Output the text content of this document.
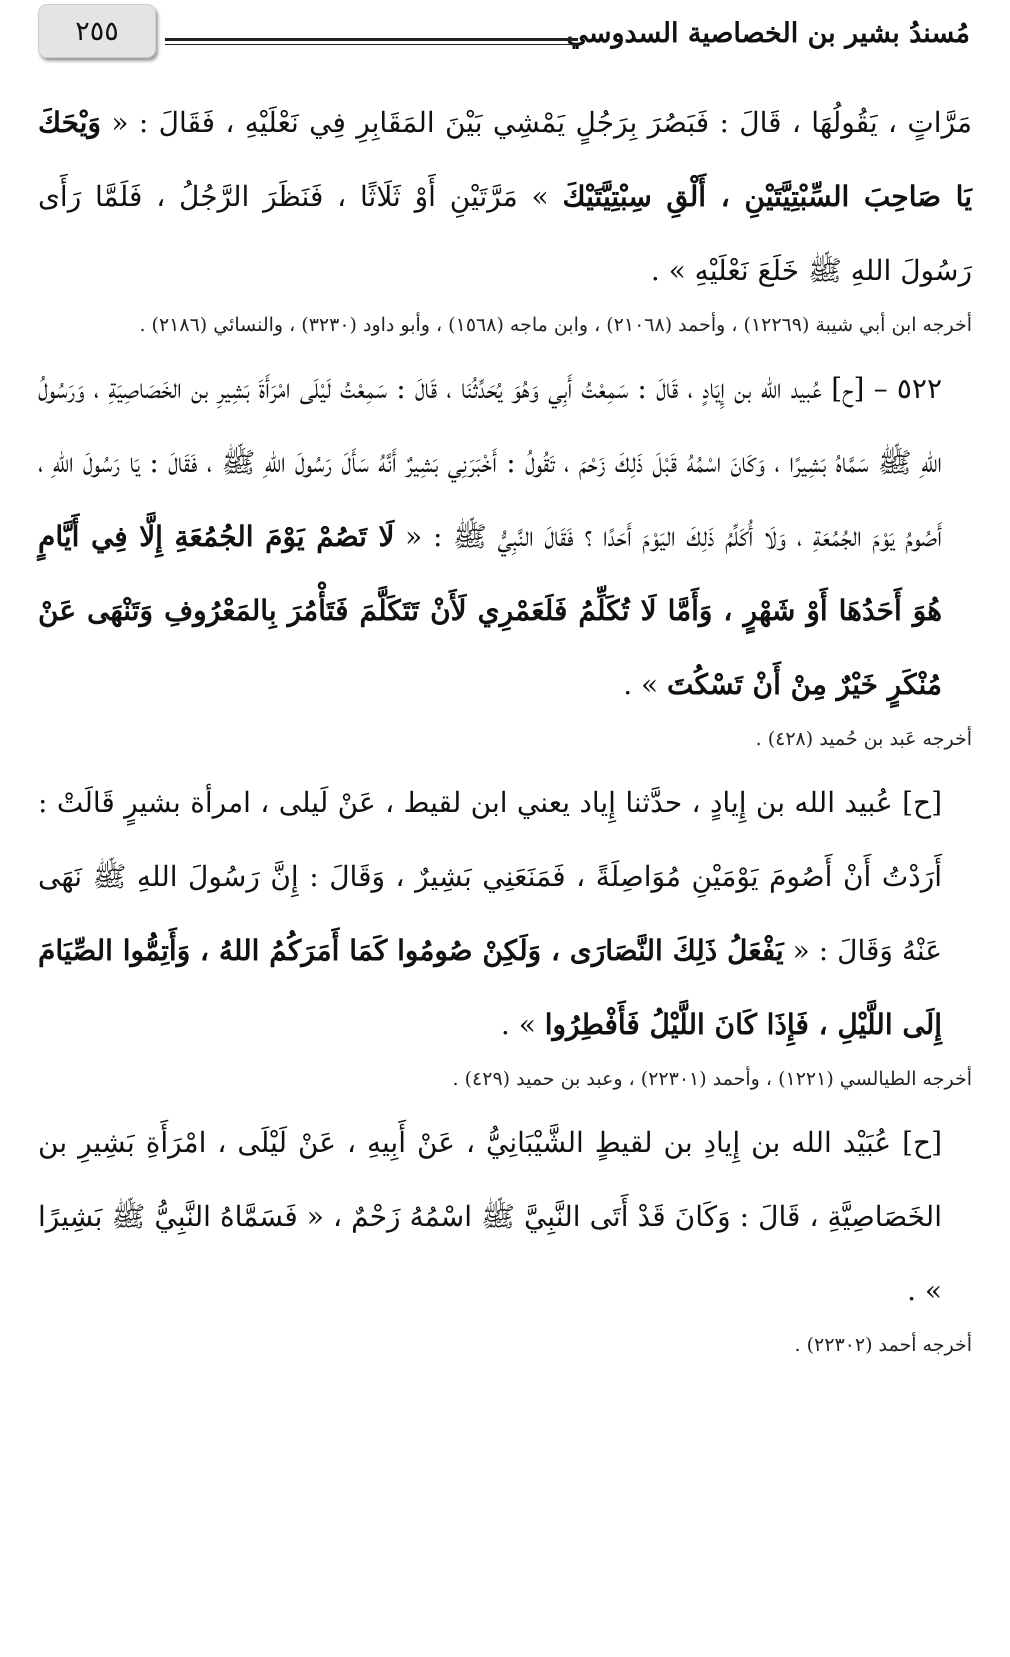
مُسندُ بشير بن الخصاصية السدوسي
٢٥٥

مَرَّاتٍ ، يَقُولُهَا ، قَالَ : فَبَصُرَ بِرَجُلٍ يَمْشِي بَيْنَ المَقَابِرِ فِي نَعْلَيْهِ ، فَقَالَ : « وَيْحَكَ يَا صَاحِبَ السِّبْتِيَّتَيْنِ ، أَلْقِ سِبْتِيَّتَيْكَ » مَرَّتَيْنِ أَوْ ثَلَاثًا ، فَنَظَرَ الرَّجُلُ ، فَلَمَّا رَأَى رَسُولَ اللهِ ﷺ خَلَعَ نَعْلَيْهِ » .

أخرجه ابن أبي شيبة (١٢٢٦٩) ، وأحمد (٢١٠٦٨) ، وابن ماجه (١٥٦٨) ، وأبو داود (٣٢٣٠) ، والنسائي (٢١٨٦) .

٥٢٢ – [ح] عُبيد الله بن إِيَادٍ ، قَالَ : سَمِعْتُ أَبِي وَهُوَ يُحَدِّثُنَا ، قَالَ : سَمِعْتُ لَيْلَى امْرَأَةَ بَشِيرِ بن الخَصَاصِيَةِ ، وَرَسُولُ اللهِ ﷺ سَمَّاهُ بَشِيرًا ، وَكَانَ اسْمُهُ قَبْلَ ذَلِكَ زَحْمَ ، تَقُولُ : أَخْبَرَنِي بَشِيرٌ أَنَّهُ سَأَلَ رَسُولَ اللهِ ﷺ ، فَقَالَ : يَا رَسُولَ اللهِ ، أَصُومُ يَوْمَ الجُمُعَةِ ، وَلَا أُكَلِّمُ ذَلِكَ اليَوْمَ أَحَدًا ؟ فَقَالَ النَّبِيُّ ﷺ : « لَا تَصُمْ يَوْمَ الجُمُعَةِ إِلَّا فِي أَيَّامٍ هُوَ أَحَدُهَا أَوْ شَهْرٍ ، وَأَمَّا لَا تُكَلِّمُ فَلَعَمْرِي لَأَنْ تَتَكَلَّمَ فَتَأْمُرَ بِالمَعْرُوفِ وَتَنْهَى عَنْ مُنْكَرٍ خَيْرٌ مِنْ أَنْ تَسْكُتَ » .

أخرجه عَبد بن حُميد (٤٢٨) .

[ح] عُبيد الله بن إِيادٍ ، حدَّثنا إِياد يعني ابن لقيط ، عَنْ لَيلى ، امرأة بشيرٍ قَالَتْ : أَرَدْتُ أَنْ أَصُومَ يَوْمَيْنِ مُوَاصِلَةً ، فَمَنَعَنِي بَشِيرٌ ، وَقَالَ : إِنَّ رَسُولَ اللهِ ﷺ نَهَى عَنْهُ وَقَالَ : « يَفْعَلُ ذَلِكَ النَّصَارَى ، وَلَكِنْ صُومُوا كَمَا أَمَرَكُمُ اللهُ ، وَأَتِمُّوا الصِّيَامَ إِلَى اللَّيْلِ ، فَإِذَا كَانَ اللَّيْلُ فَأَفْطِرُوا » .

أخرجه الطيالسي (١٢٢١) ، وأحمد (٢٢٣٠١) ، وعبد بن حميد (٤٢٩) .

[ح] عُبَيْد الله بن إِيادِ بن لقيطٍ الشَّيْبَانِيُّ ، عَنْ أَبِيهِ ، عَنْ لَيْلَى ، امْرَأَةِ بَشِيرِ بن الخَصَاصِيَّةِ ، قَالَ : وَكَانَ قَدْ أَتَى النَّبِيَّ ﷺ اسْمُهُ زَحْمٌ ، « فَسَمَّاهُ النَّبِيُّ ﷺ بَشِيرًا » .

أخرجه أحمد (٢٢٣٠٢) .
